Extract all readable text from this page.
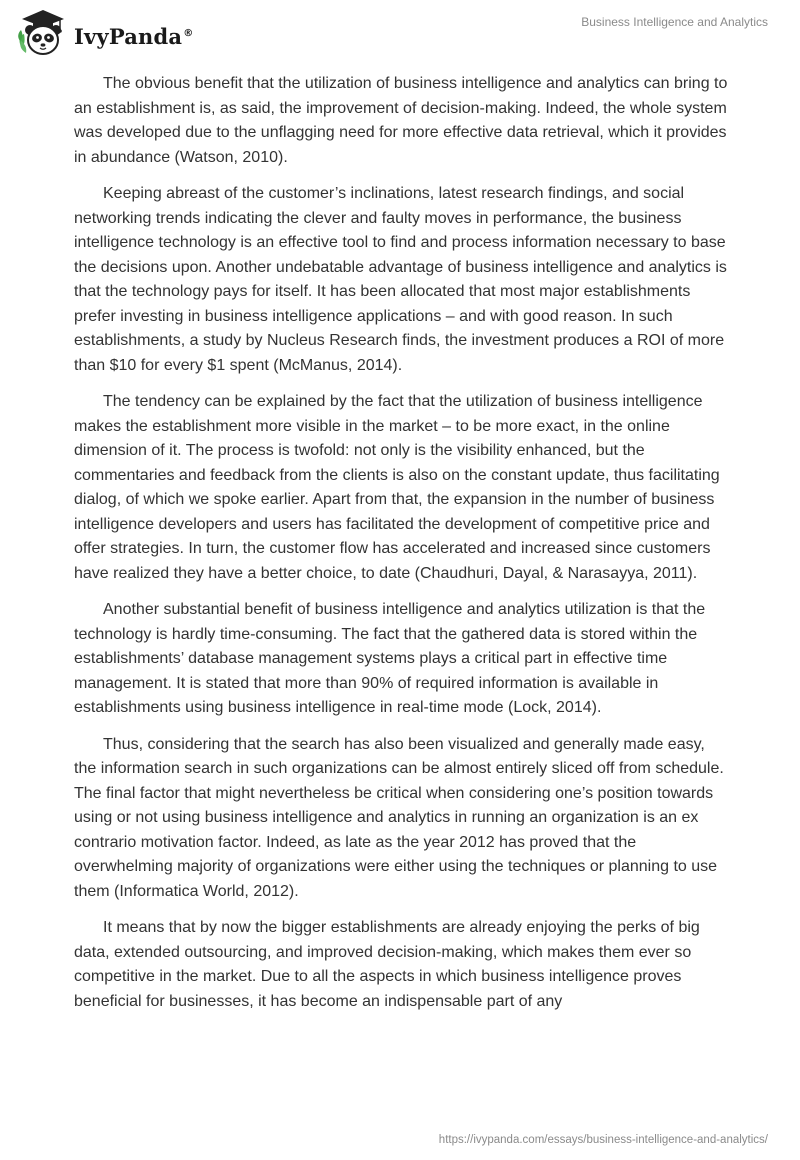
IvyPanda®
Business Intelligence and Analytics

The obvious benefit that the utilization of business intelligence and analytics can bring to an establishment is, as said, the improvement of decision-making. Indeed, the whole system was developed due to the unflagging need for more effective data retrieval, which it provides in abundance (Watson, 2010).

Keeping abreast of the customer’s inclinations, latest research findings, and social networking trends indicating the clever and faulty moves in performance, the business intelligence technology is an effective tool to find and process information necessary to base the decisions upon. Another undebatable advantage of business intelligence and analytics is that the technology pays for itself. It has been allocated that most major establishments prefer investing in business intelligence applications – and with good reason. In such establishments, a study by Nucleus Research finds, the investment produces a ROI of more than $10 for every $1 spent (McManus, 2014).

The tendency can be explained by the fact that the utilization of business intelligence makes the establishment more visible in the market – to be more exact, in the online dimension of it. The process is twofold: not only is the visibility enhanced, but the commentaries and feedback from the clients is also on the constant update, thus facilitating dialog, of which we spoke earlier. Apart from that, the expansion in the number of business intelligence developers and users has facilitated the development of competitive price and offer strategies. In turn, the customer flow has accelerated and increased since customers have realized they have a better choice, to date (Chaudhuri, Dayal, & Narasayya, 2011).

Another substantial benefit of business intelligence and analytics utilization is that the technology is hardly time-consuming. The fact that the gathered data is stored within the establishments’ database management systems plays a critical part in effective time management. It is stated that more than 90% of required information is available in establishments using business intelligence in real-time mode (Lock, 2014).

Thus, considering that the search has also been visualized and generally made easy, the information search in such organizations can be almost entirely sliced off from schedule. The final factor that might nevertheless be critical when considering one’s position towards using or not using business intelligence and analytics in running an organization is an ex contrario motivation factor. Indeed, as late as the year 2012 has proved that the overwhelming majority of organizations were either using the techniques or planning to use them (Informatica World, 2012).

It means that by now the bigger establishments are already enjoying the perks of big data, extended outsourcing, and improved decision-making, which makes them ever so competitive in the market. Due to all the aspects in which business intelligence proves beneficial for businesses, it has become an indispensable part of any

https://ivypanda.com/essays/business-intelligence-and-analytics/
